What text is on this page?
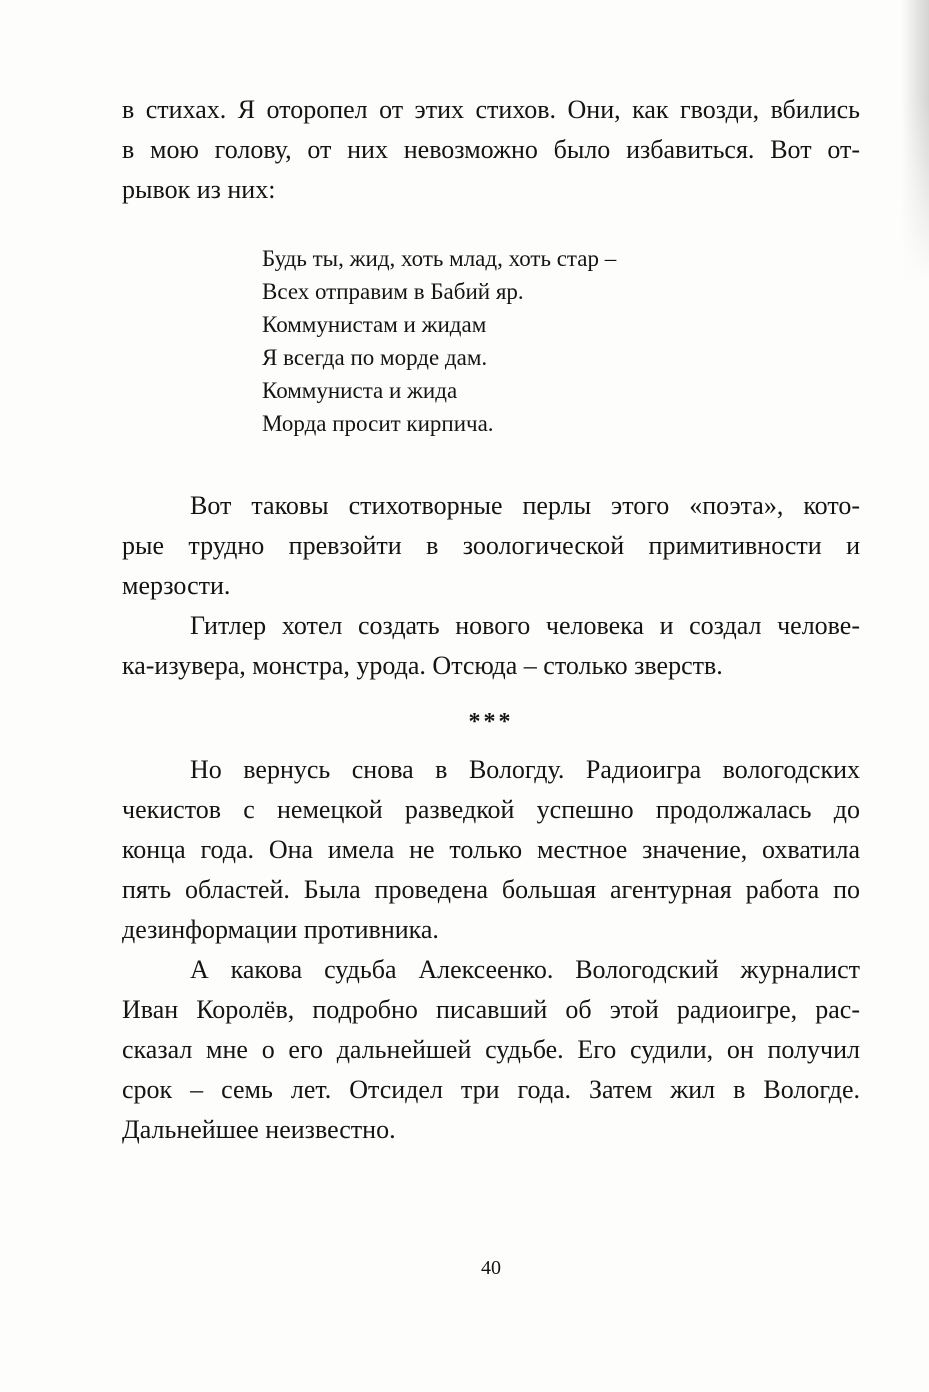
в стихах. Я оторопел от этих стихов. Они, как гвозди, вбились
в мою голову, от них невозможно было избавиться. Вот от-
рывок из них:
Будь ты, жид, хоть млад, хоть стар –
Всех отправим в Бабий яр.
Коммунистам и жидам
Я всегда по морде дам.
Коммуниста и жида
Морда просит кирпича.
Вот таковы стихотворные перлы этого «поэта», кото-
рые трудно превзойти в зоологической примитивности и
мерзости.
Гитлер хотел создать нового человека и создал челове-
ка-изувера, монстра, урода. Отсюда – столько зверств.
***
Но вернусь снова в Вологду. Радиоигра вологодских
чекистов с немецкой разведкой успешно продолжалась до
конца года. Она имела не только местное значение, охватила
пять областей. Была проведена большая агентурная работа по
дезинформации противника.
А какова судьба Алексеенко. Вологодский журналист
Иван Королёв, подробно писавший об этой радиоигре, рас-
сказал мне о его дальнейшей судьбе. Его судили, он получил
срок – семь лет. Отсидел три года. Затем жил в Вологде.
Дальнейшее неизвестно.
40
